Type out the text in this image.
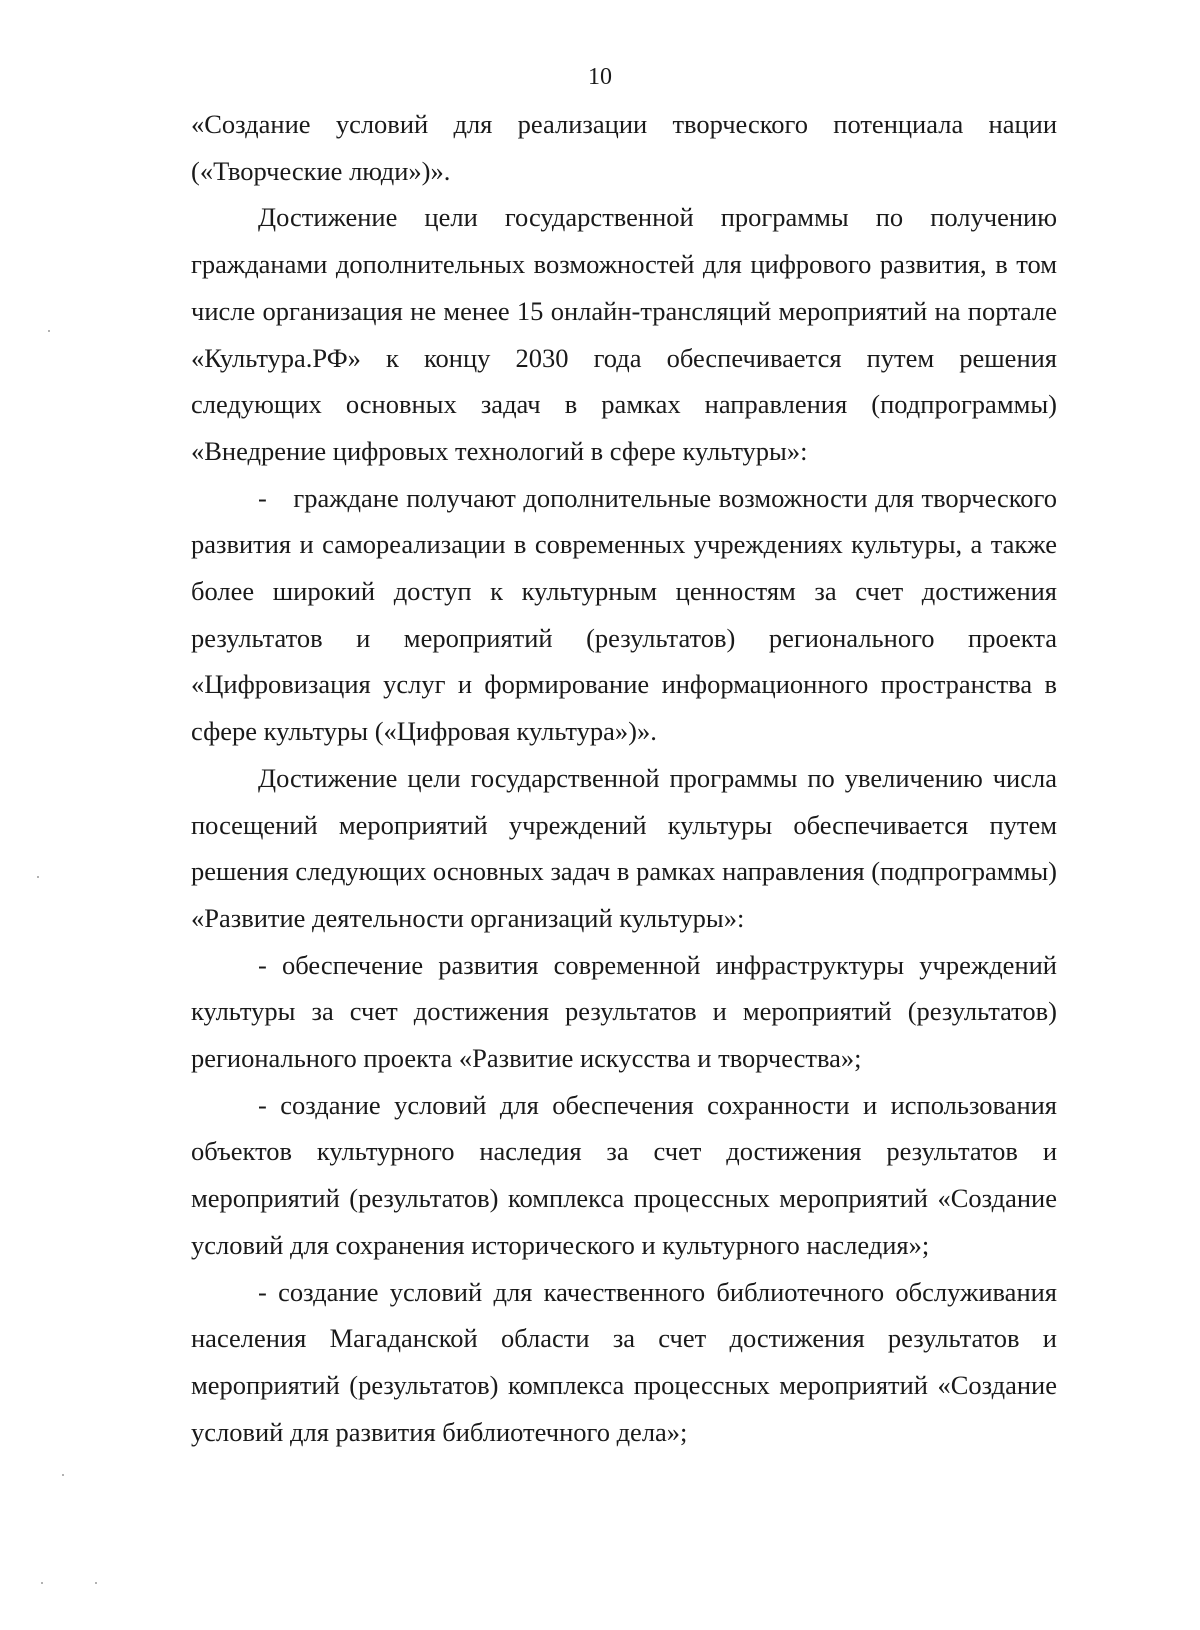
10

«Создание условий для реализации творческого потенциала нации («Творческие люди»)».

Достижение цели государственной программы по получению гражданами дополнительных возможностей для цифрового развития, в том числе организация не менее 15 онлайн-трансляций мероприятий на портале «Культура.РФ» к концу 2030 года обеспечивается путем решения следующих основных задач в рамках направления (подпрограммы) «Внедрение цифровых технологий в сфере культуры»:

- граждане получают дополнительные возможности для творческого развития и самореализации в современных учреждениях культуры, а также более широкий доступ к культурным ценностям за счет достижения результатов и мероприятий (результатов) регионального проекта «Цифровизация услуг и формирование информационного пространства в сфере культуры («Цифровая культура»)».

Достижение цели государственной программы по увеличению числа посещений мероприятий учреждений культуры обеспечивается путем решения следующих основных задач в рамках направления (подпрограммы) «Развитие деятельности организаций культуры»:

- обеспечение развития современной инфраструктуры учреждений культуры за счет достижения результатов и мероприятий (результатов) регионального проекта «Развитие искусства и творчества»;

- создание условий для обеспечения сохранности и использования объектов культурного наследия за счет достижения результатов и мероприятий (результатов) комплекса процессных мероприятий «Создание условий для сохранения исторического и культурного наследия»;

- создание условий для качественного библиотечного обслуживания населения Магаданской области за счет достижения результатов и мероприятий (результатов) комплекса процессных мероприятий «Создание условий для развития библиотечного дела»;
